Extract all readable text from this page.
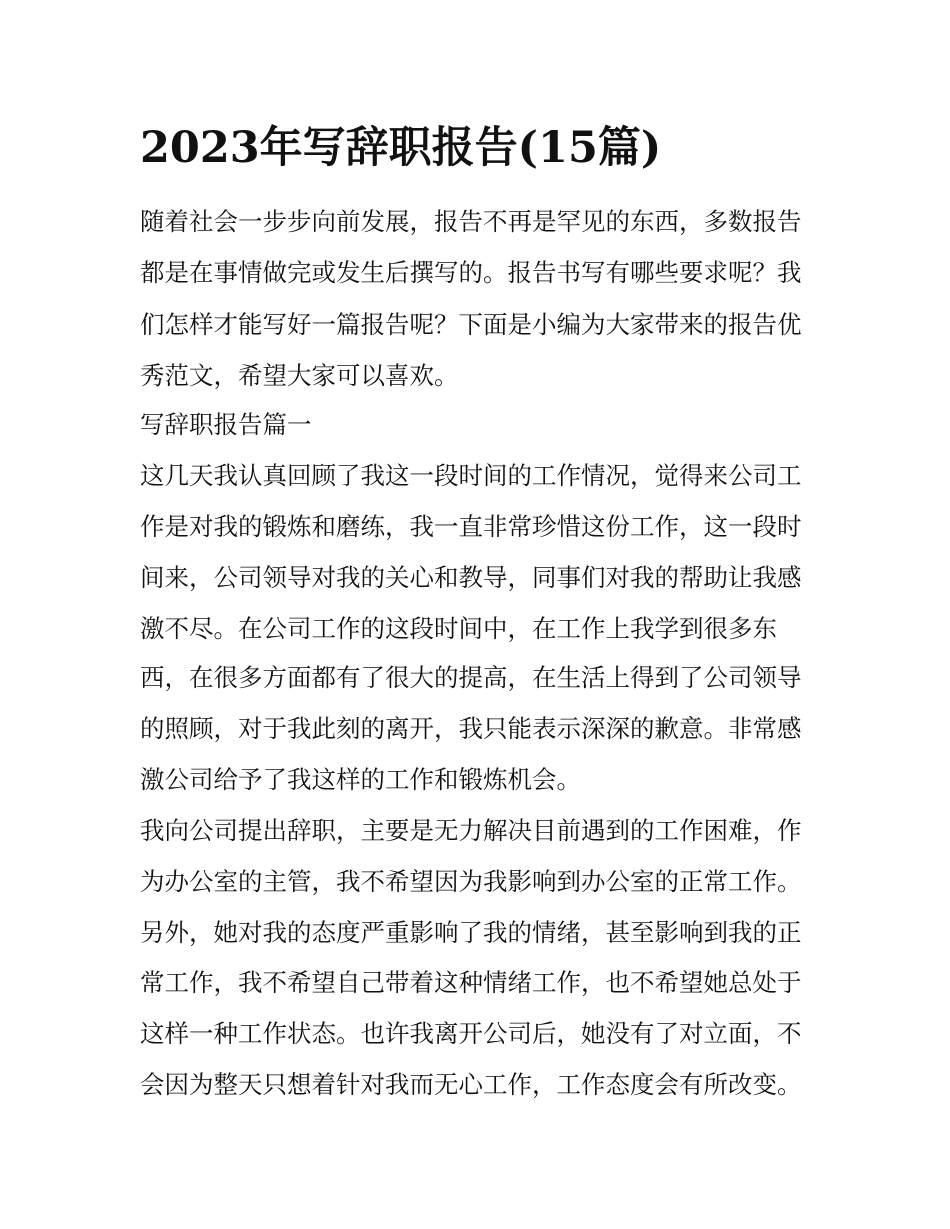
2023年写辞职报告(15篇)

随着社会一步步向前发展，报告不再是罕见的东西，多数报告

都是在事情做完或发生后撰写的。报告书写有哪些要求呢？我

们怎样才能写好一篇报告呢？下面是小编为大家带来的报告优

秀范文，希望大家可以喜欢。

写辞职报告篇一

这几天我认真回顾了我这一段时间的工作情况，觉得来公司工

作是对我的锻炼和磨练，我一直非常珍惜这份工作，这一段时

间来，公司领导对我的关心和教导，同事们对我的帮助让我感

激不尽。在公司工作的这段时间中，在工作上我学到很多东

西，在很多方面都有了很大的提高，在生活上得到了公司领导

的照顾，对于我此刻的离开，我只能表示深深的歉意。非常感

激公司给予了我这样的工作和锻炼机会。

我向公司提出辞职，主要是无力解决目前遇到的工作困难，作

为办公室的主管，我不希望因为我影响到办公室的正常工作。

另外，她对我的态度严重影响了我的情绪，甚至影响到我的正

常工作，我不希望自己带着这种情绪工作，也不希望她总处于

这样一种工作状态。也许我离开公司后，她没有了对立面，不

会因为整天只想着针对我而无心工作，工作态度会有所改变。
